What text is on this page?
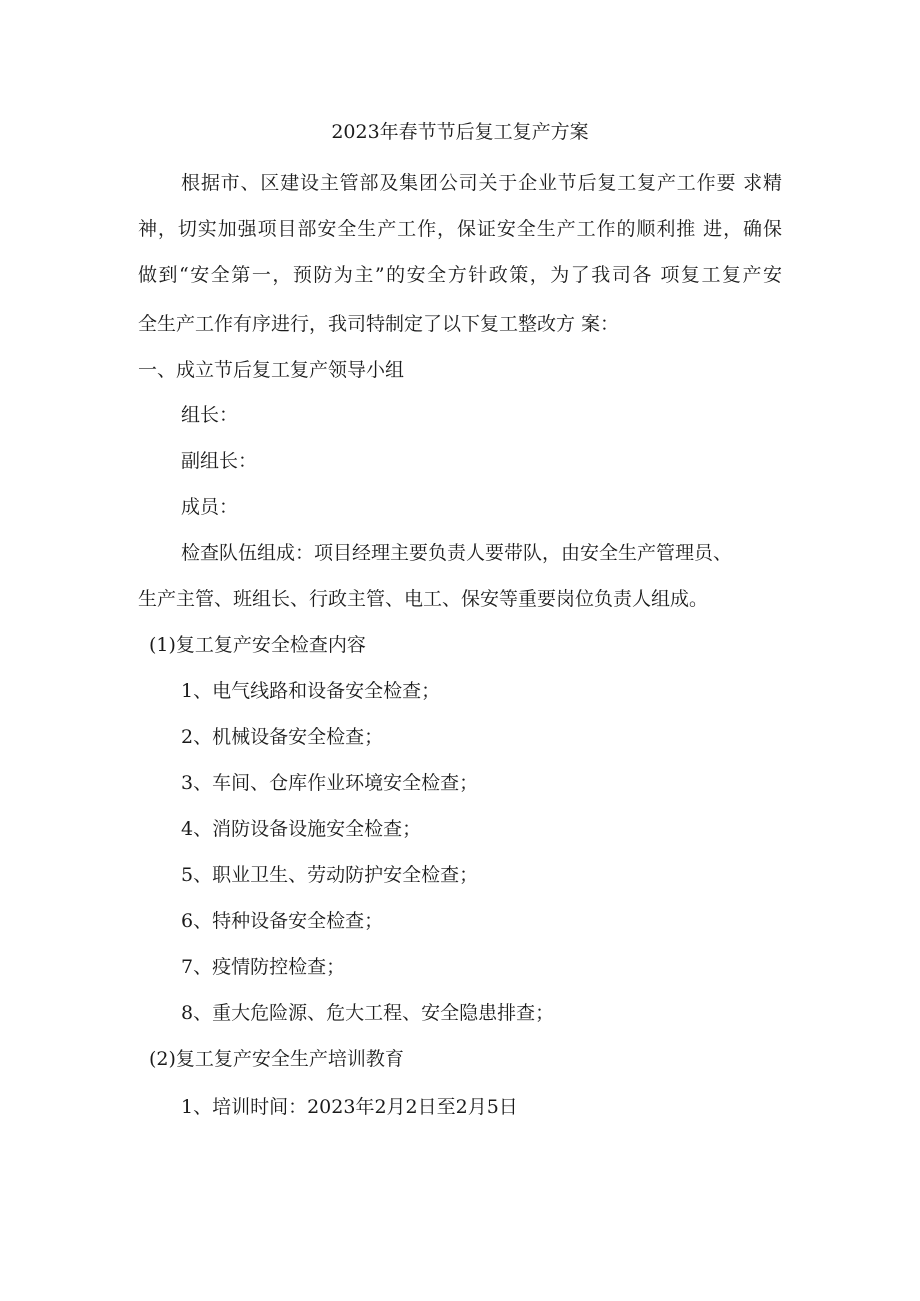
2023年春节节后复工复产方案
根据市、区建设主管部及集团公司关于企业节后复工复产工作要 求精
神，切实加强项目部安全生产工作，保证安全生产工作的顺利推 进，确保
做到“安全第一，预防为主”的安全方针政策，为了我司各 项复工复产安
全生产工作有序进行，我司特制定了以下复工整改方 案：
一、成立节后复工复产领导小组
组长：
副组长：
成员：
检查队伍组成：项目经理主要负责人要带队，由安全生产管理员、
生产主管、班组长、行政主管、电工、保安等重要岗位负责人组成。
(1)复工复产安全检查内容
1、电气线路和设备安全检查；
2、机械设备安全检查；
3、车间、仓库作业环境安全检查；
4、消防设备设施安全检查；
5、职业卫生、劳动防护安全检查；
6、特种设备安全检查；
7、疫情防控检查；
8、重大危险源、危大工程、安全隐患排查；
(2)复工复产安全生产培训教育
1、培训时间：2023年2月2日至2月5日
